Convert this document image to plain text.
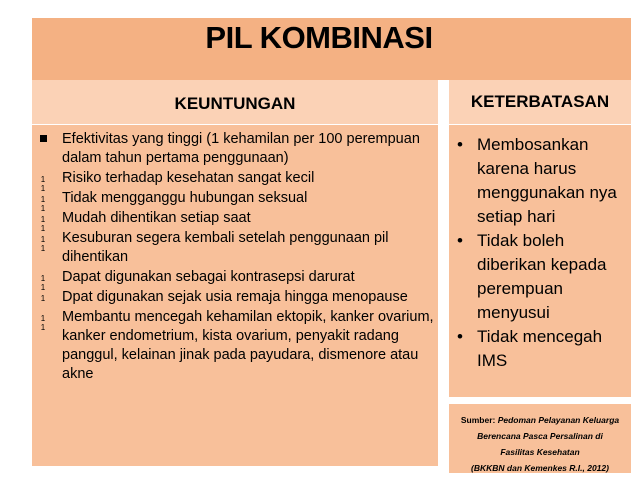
PIL KOMBINASI
KEUNTUNGAN	KETERBATASAN
Efektivitas yang tinggi (1 kehamilan per 100 perempuan dalam tahun pertama penggunaan)
1
1
Risiko terhadap kesehatan sangat kecil
1
1
Tidak mengganggu hubungan seksual
1
1
Mudah dihentikan setiap saat
1
1
Kesuburan segera kembali setelah penggunaan pil dihentikan
1
1
Dapat digunakan sebagai kontrasepsi darurat
1	Dpat digunakan sejak usia remaja hingga menopause
1
1
Membantu mencegah kehamilan ektopik, kanker ovarium, kanker endometrium, kista ovarium, penyakit radang panggul, kelainan jinak pada payudara, dismenore atau akne
• Membosankan karena harus menggunakan nya setiap hari
• Tidak boleh diberikan kepada perempuan menyusui
• Tidak mencegah IMS
Sumber: Pedoman Pelayanan Keluarga
Berencana Pasca Persalinan di
Fasilitas Kesehatan
(BKKBN dan Kemenkes R.I., 2012)
